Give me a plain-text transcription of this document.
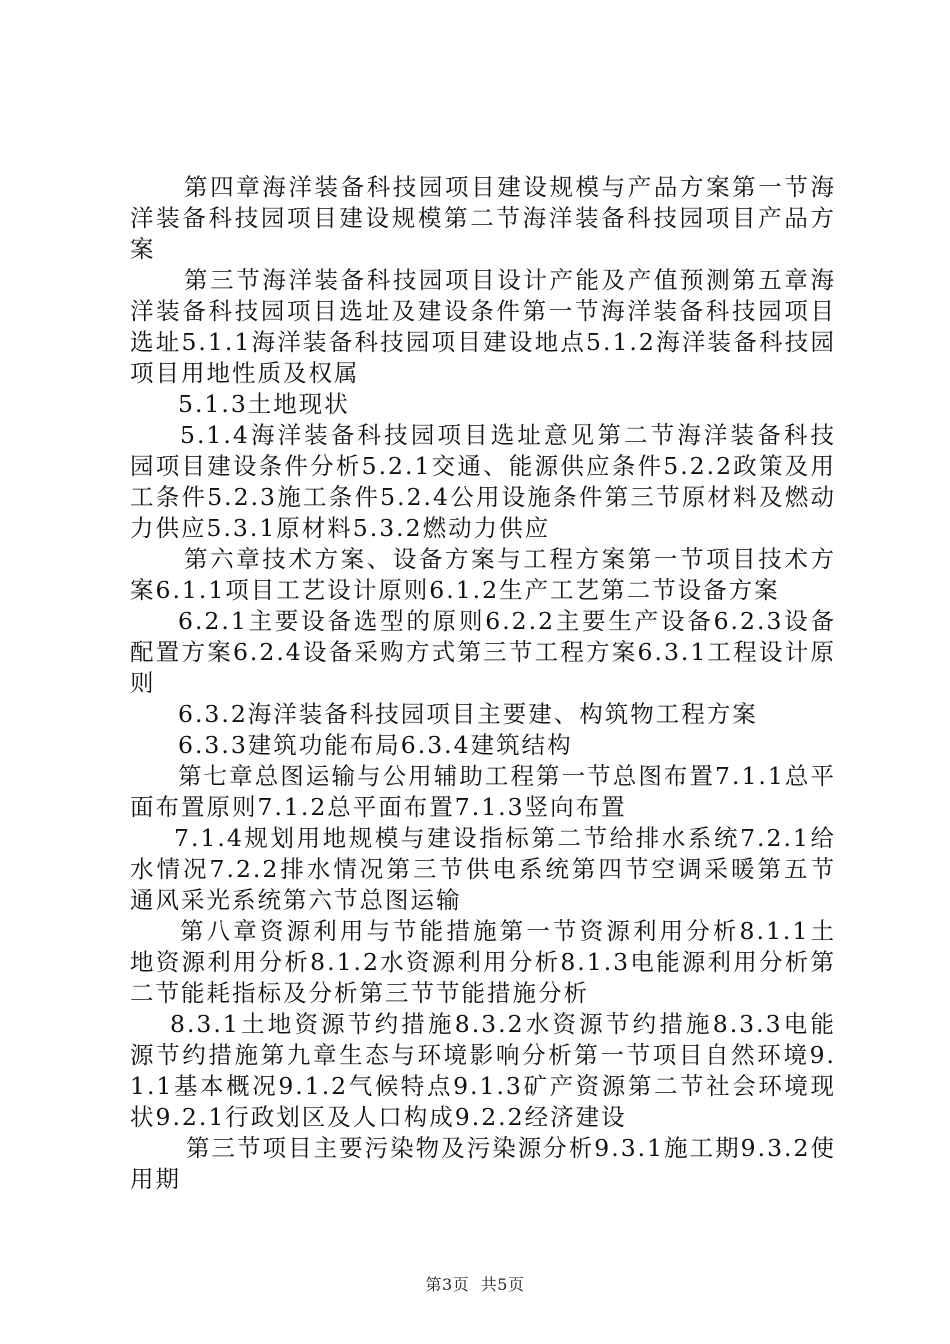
第四章海洋装备科技园项目建设规模与产品方案第一节海洋装备科技园项目建设规模第二节海洋装备科技园项目产品方案

第三节海洋装备科技园项目设计产能及产值预测第五章海洋装备科技园项目选址及建设条件第一节海洋装备科技园项目选址5.1.1海洋装备科技园项目建设地点5.1.2海洋装备科技园项目用地性质及权属

5.1.3土地现状

5.1.4海洋装备科技园项目选址意见第二节海洋装备科技园项目建设条件分析5.2.1交通、能源供应条件5.2.2政策及用工条件5.2.3施工条件5.2.4公用设施条件第三节原材料及燃动力供应5.3.1原材料5.3.2燃动力供应

第六章技术方案、设备方案与工程方案第一节项目技术方案6.1.1项目工艺设计原则6.1.2生产工艺第二节设备方案

6.2.1主要设备选型的原则6.2.2主要生产设备6.2.3设备配置方案6.2.4设备采购方式第三节工程方案6.3.1工程设计原则

6.3.2海洋装备科技园项目主要建、构筑物工程方案

6.3.3建筑功能布局6.3.4建筑结构

第七章总图运输与公用辅助工程第一节总图布置7.1.1总平面布置原则7.1.2总平面布置7.1.3竖向布置

7.1.4规划用地规模与建设指标第二节给排水系统7.2.1给水情况7.2.2排水情况第三节供电系统第四节空调采暖第五节通风采光系统第六节总图运输

第八章资源利用与节能措施第一节资源利用分析8.1.1土地资源利用分析8.1.2水资源利用分析8.1.3电能源利用分析第二节能耗指标及分析第三节节能措施分析

8.3.1土地资源节约措施8.3.2水资源节约措施8.3.3电能源节约措施第九章生态与环境影响分析第一节项目自然环境9.1.1基本概况9.1.2气候特点9.1.3矿产资源第二节社会环境现状9.2.1行政划区及人口构成9.2.2经济建设

第三节项目主要污染物及污染源分析9.3.1施工期9.3.2使用期

第3页 共5页
